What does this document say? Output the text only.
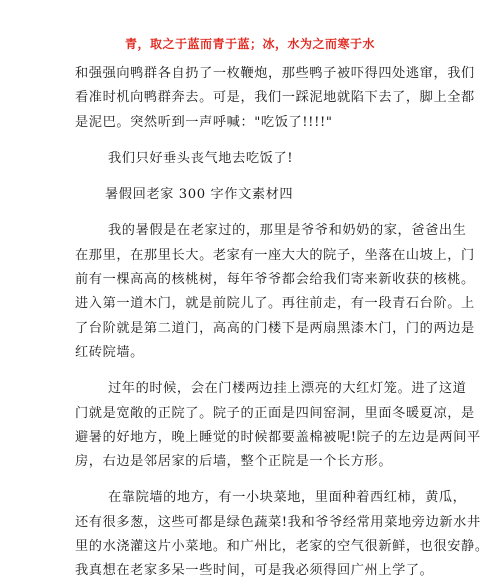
青，取之于蓝而青于蓝；冰，水为之而寒于水
和强强向鸭群各自扔了一枚鞭炮，那些鸭子被吓得四处逃窜，我们
看准时机向鸭群奔去。可是，我们一踩泥地就陷下去了，脚上全都
是泥巴。突然听到一声呼喊："吃饭了!!!!"
我们只好垂头丧气地去吃饭了!
暑假回老家 300 字作文素材四
我的暑假是在老家过的，那里是爷爷和奶奶的家，爸爸出生
在那里，在那里长大。老家有一座大大的院子，坐落在山坡上，门
前有一棵高高的核桃树，每年爷爷都会给我们寄来新收获的核桃。
进入第一道木门，就是前院儿了。再往前走，有一段青石台阶。上
了台阶就是第二道门，高高的门楼下是两扇黑漆木门，门的两边是
红砖院墙。
过年的时候，会在门楼两边挂上漂亮的大红灯笼。进了这道
门就是宽敞的正院了。院子的正面是四间窑洞，里面冬暖夏凉，是
避暑的好地方，晚上睡觉的时候都要盖棉被呢!院子的左边是两间平
房，右边是邻居家的后墙，整个正院是一个长方形。
在靠院墙的地方，有一小块菜地，里面种着西红柿，黄瓜，
还有很多葱，这些可都是绿色蔬菜!我和爷爷经常用菜地旁边新水井
里的水浇灌这片小菜地。和广州比，老家的空气很新鲜，也很安静。
我真想在老家多呆一些时间，可是我必须得回广州上学了。
